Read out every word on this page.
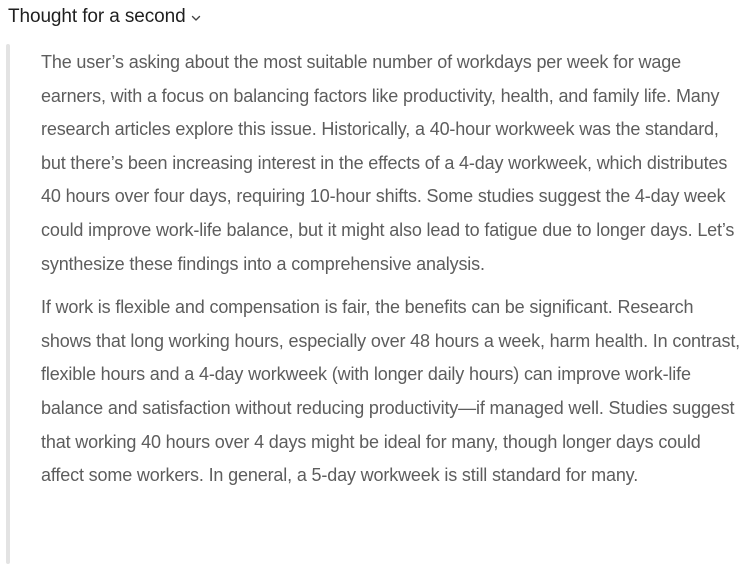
Thought for a second

The user’s asking about the most suitable number of workdays per week for wage earners, with a focus on balancing factors like productivity, health, and family life. Many research articles explore this issue. Historically, a 40-hour workweek was the standard, but there’s been increasing interest in the effects of a 4-day workweek, which distributes 40 hours over four days, requiring 10-hour shifts. Some studies suggest the 4-day week could improve work-life balance, but it might also lead to fatigue due to longer days. Let’s synthesize these findings into a comprehensive analysis.

If work is flexible and compensation is fair, the benefits can be significant. Research shows that long working hours, especially over 48 hours a week, harm health. In contrast, flexible hours and a 4-day workweek (with longer daily hours) can improve work-life balance and satisfaction without reducing productivity—if managed well. Studies suggest that working 40 hours over 4 days might be ideal for many, though longer days could affect some workers. In general, a 5-day workweek is still standard for many.
